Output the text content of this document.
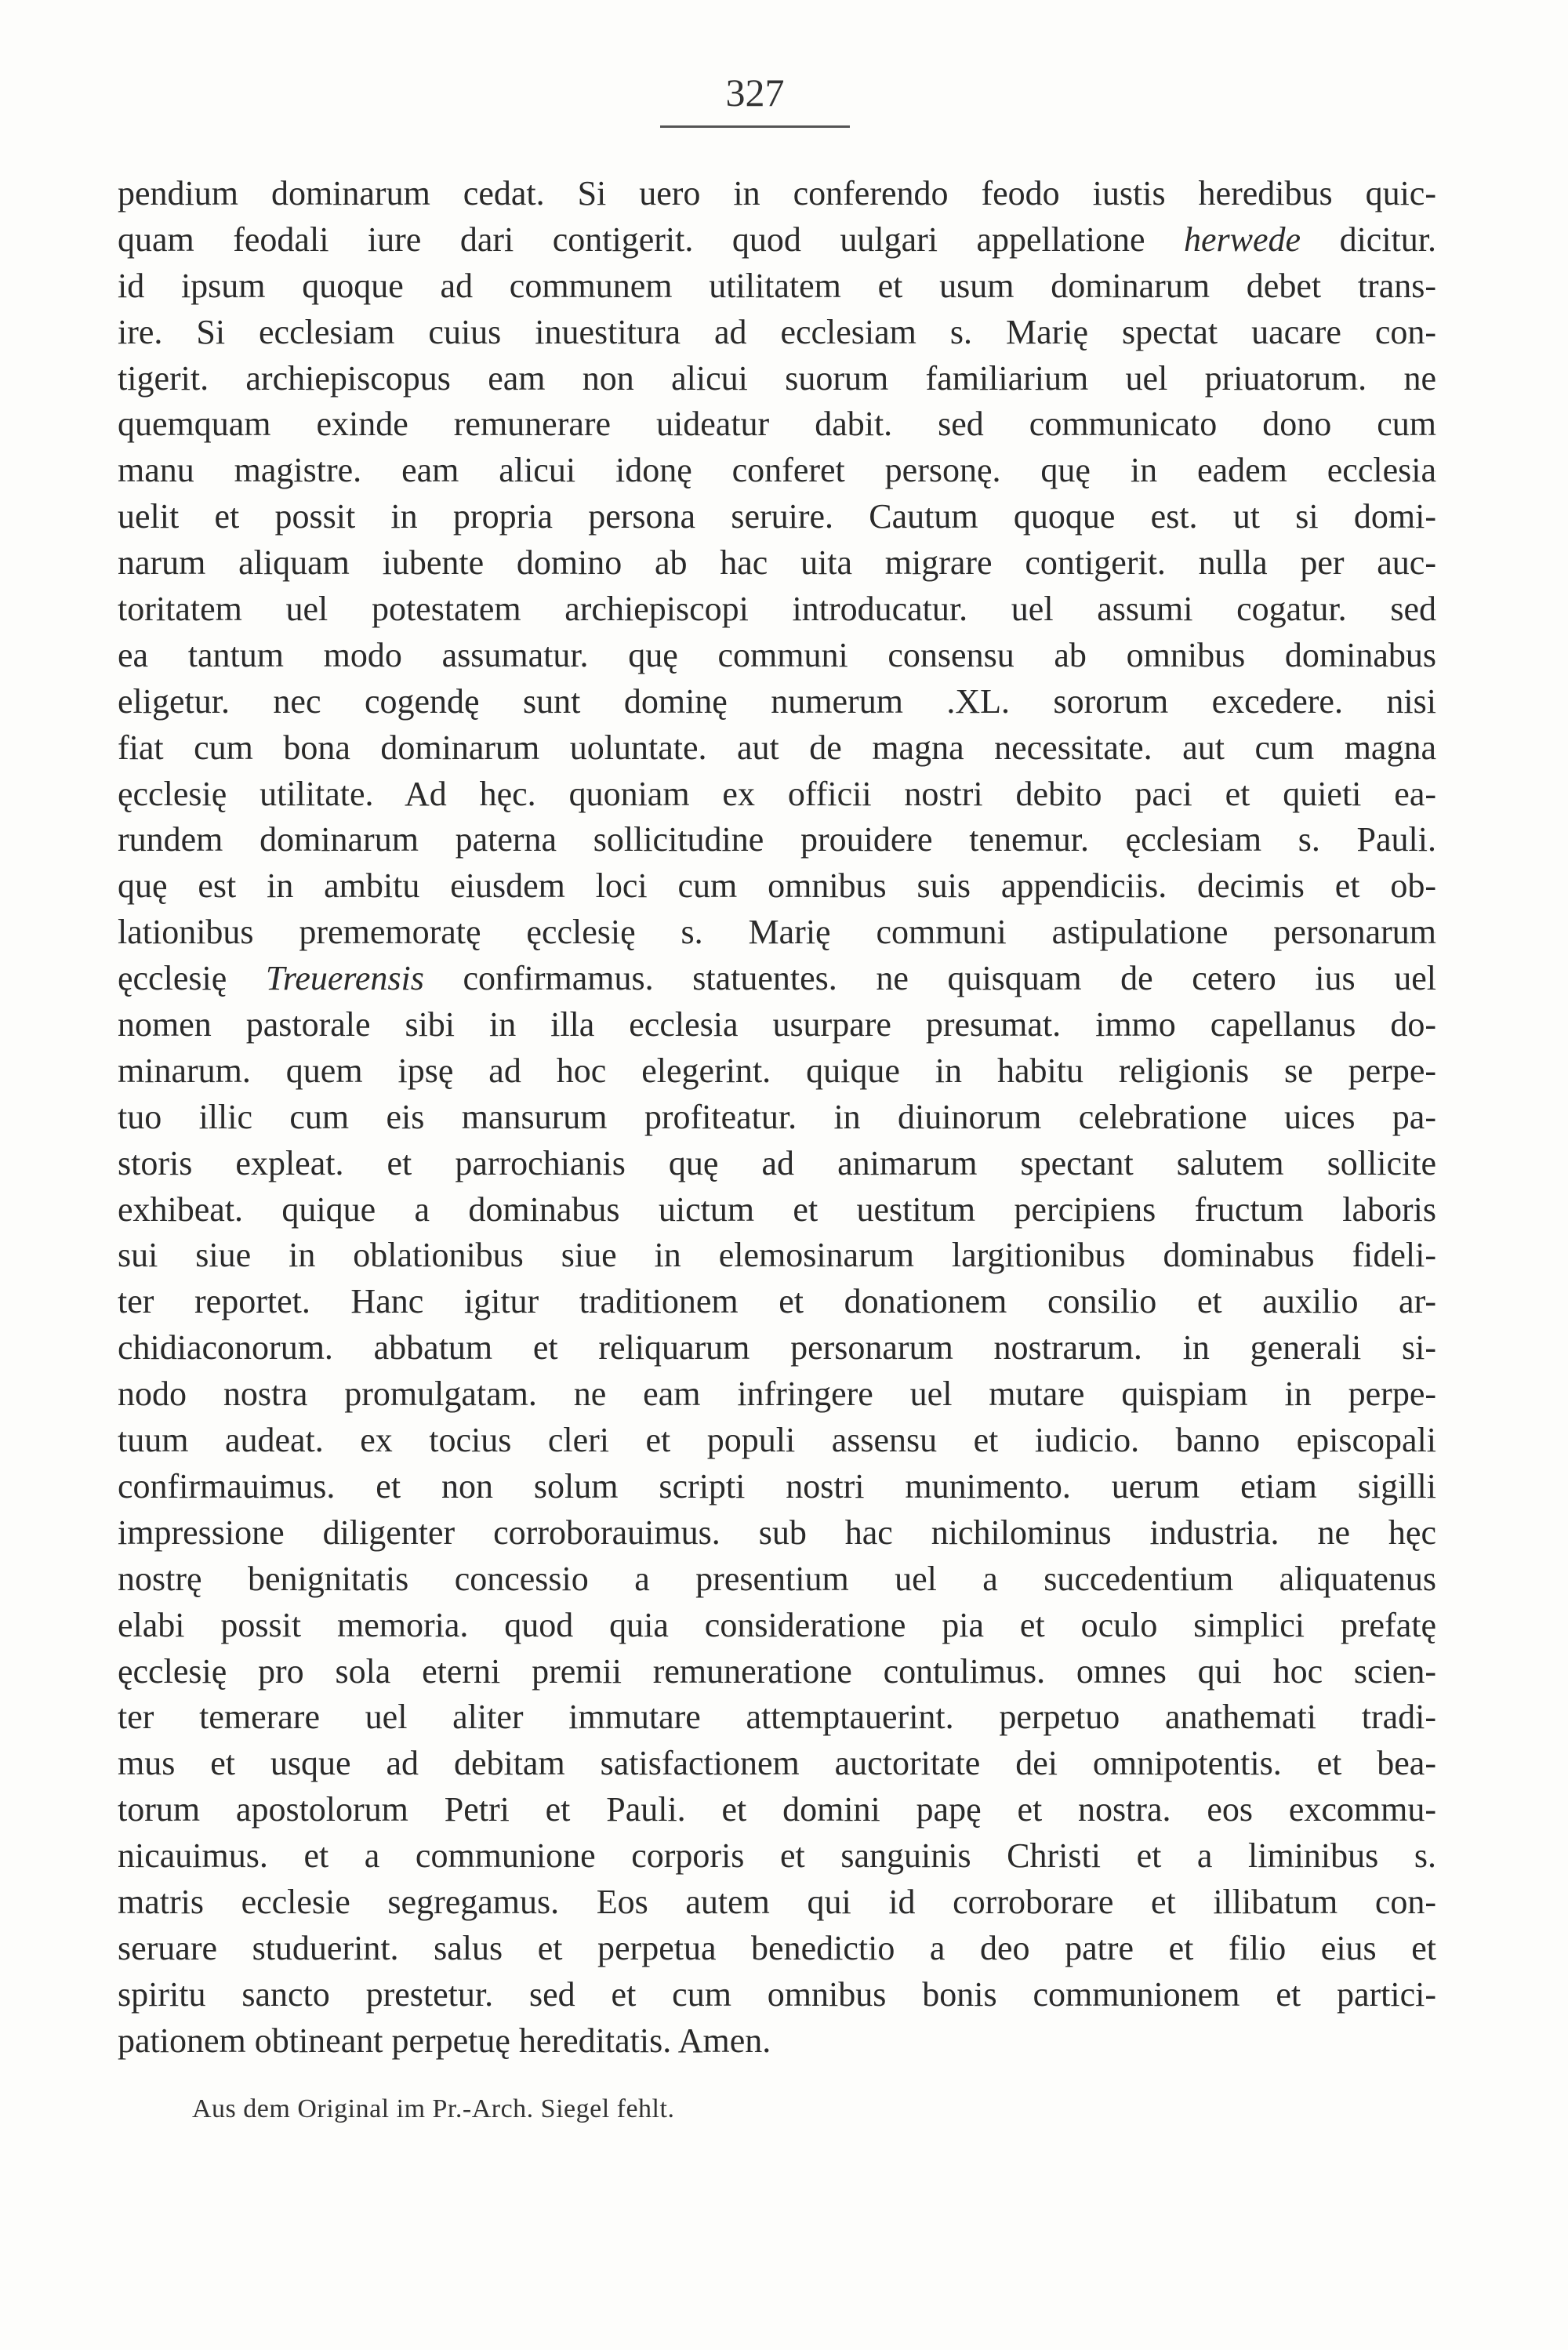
327
pendium dominarum cedat. Si uero in conferendo feodo iustis heredibus quic-
quam feodali iure dari contigerit. quod uulgari appellatione herwede dicitur.
id ipsum quoque ad communem utilitatem et usum dominarum debet trans-
ire. Si ecclesiam cuius inuestitura ad ecclesiam s. Marię spectat uacare con-
tigerit. archiepiscopus eam non alicui suorum familiarium uel priuatorum. ne
quemquam exinde remunerare uideatur dabit. sed communicato dono cum
manu magistre. eam alicui idonę conferet personę. quę in eadem ecclesia
uelit et possit in propria persona seruire. Cautum quoque est. ut si domi-
narum aliquam iubente domino ab hac uita migrare contigerit. nulla per auc-
toritatem uel potestatem archiepiscopi introducatur. uel assumi cogatur. sed
ea tantum modo assumatur. quę communi consensu ab omnibus dominabus
eligetur. nec cogendę sunt dominę numerum .XL. sororum excedere. nisi
fiat cum bona dominarum uoluntate. aut de magna necessitate. aut cum magna
ęcclesię utilitate. Ad hęc. quoniam ex officii nostri debito paci et quieti ea-
rundem dominarum paterna sollicitudine prouidere tenemur. ęcclesiam s. Pauli.
quę est in ambitu eiusdem loci cum omnibus suis appendiciis. decimis et ob-
lationibus prememoratę ęcclesię s. Marię communi astipulatione personarum
ęcclesię Treuerensis confirmamus. statuentes. ne quisquam de cetero ius uel
nomen pastorale sibi in illa ecclesia usurpare presumat. immo capellanus do-
minarum. quem ipsę ad hoc elegerint. quique in habitu religionis se perpe-
tuo illic cum eis mansurum profiteatur. in diuinorum celebratione uices pa-
storis expleat. et parrochianis quę ad animarum spectant salutem sollicite
exhibeat. quique a dominabus uictum et uestitum percipiens fructum laboris
sui siue in oblationibus siue in elemosinarum largitionibus dominabus fideli-
ter reportet. Hanc igitur traditionem et donationem consilio et auxilio ar-
chidiaconorum. abbatum et reliquarum personarum nostrarum. in generali si-
nodo nostra promulgatam. ne eam infringere uel mutare quispiam in perpe-
tuum audeat. ex tocius cleri et populi assensu et iudicio. banno episcopali
confirmauimus. et non solum scripti nostri munimento. uerum etiam sigilli
impressione diligenter corroborauimus. sub hac nichilominus industria. ne hęc
nostrę benignitatis concessio a presentium uel a succedentium aliquatenus
elabi possit memoria. quod quia consideratione pia et oculo simplici prefatę
ęcclesię pro sola eterni premii remuneratione contulimus. omnes qui hoc scien-
ter temerare uel aliter immutare attemptauerint. perpetuo anathemati tradi-
mus et usque ad debitam satisfactionem auctoritate dei omnipotentis. et bea-
torum apostolorum Petri et Pauli. et domini papę et nostra. eos excommu-
nicauimus. et a communione corporis et sanguinis Christi et a liminibus s.
matris ecclesie segregamus. Eos autem qui id corroborare et illibatum con-
seruare studuerint. salus et perpetua benedictio a deo patre et filio eius et
spiritu sancto prestetur. sed et cum omnibus bonis communionem et partici-
pationem obtineant perpetuę hereditatis. Amen.
Aus dem Original im Pr.-Arch. Siegel fehlt.
